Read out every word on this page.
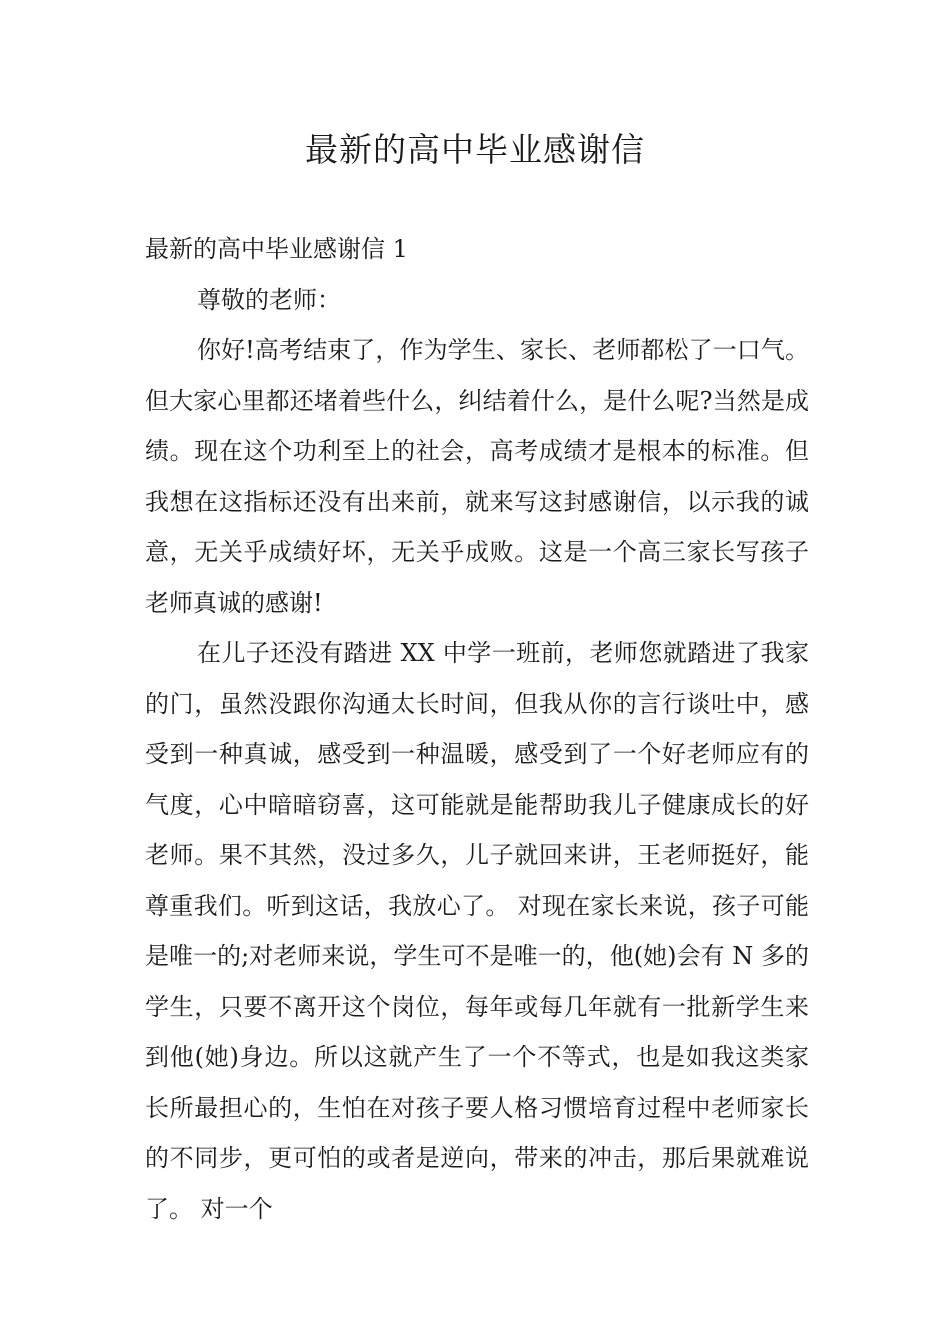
最新的高中毕业感谢信

最新的高中毕业感谢信 1

尊敬的老师：

你好!高考结束了，作为学生、家长、老师都松了一口气。但大家心里都还堵着些什么，纠结着什么，是什么呢?当然是成绩。现在这个功利至上的社会，高考成绩才是根本的标准。但我想在这指标还没有出来前，就来写这封感谢信，以示我的诚意，无关乎成绩好坏，无关乎成败。这是一个高三家长写孩子老师真诚的感谢!

在儿子还没有踏进 XX 中学一班前，老师您就踏进了我家的门，虽然没跟你沟通太长时间，但我从你的言行谈吐中，感受到一种真诚，感受到一种温暖，感受到了一个好老师应有的气度，心中暗暗窃喜，这可能就是能帮助我儿子健康成长的好老师。果不其然，没过多久，儿子就回来讲，王老师挺好，能尊重我们。听到这话，我放心了。 对现在家长来说，孩子可能是唯一的;对老师来说，学生可不是唯一的，他(她)会有 N 多的学生，只要不离开这个岗位，每年或每几年就有一批新学生来到他(她)身边。所以这就产生了一个不等式，也是如我这类家长所最担心的，生怕在对孩子要人格习惯培育过程中老师家长的不同步，更可怕的或者是逆向，带来的冲击，那后果就难说了。 对一个
